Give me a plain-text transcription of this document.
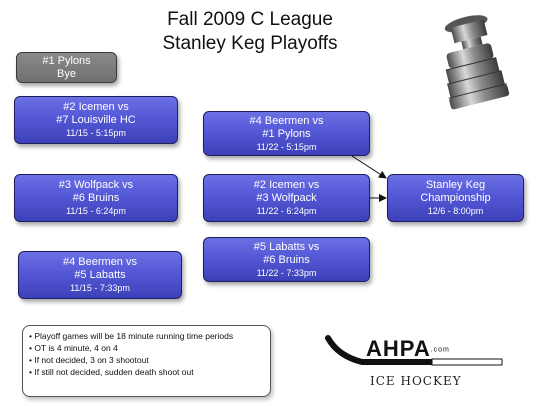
Fall 2009 C League
Stanley Keg Playoffs
#1 Pylons
Bye
#2 Icemen vs
#7 Louisville HC
11/15 - 5:15pm
#3 Wolfpack vs
#6 Bruins
11/15 - 6:24pm
#4 Beermen vs
#5 Labatts
11/15 - 7:33pm
#4 Beermen vs
#1 Pylons
11/22 - 5:15pm
#2 Icemen vs
#3 Wolfpack
11/22 - 6:24pm
#5 Labatts vs
#6 Bruins
11/22 - 7:33pm
Stanley Keg
Championship
12/6 - 8:00pm
• Playoff games will be 18 minute running time periods
• OT is 4 minute, 4 on 4
• If not decided, 3 on 3 shootout
• If still not decided, sudden death shoot out
AHPA.com
ICE HOCKEY
